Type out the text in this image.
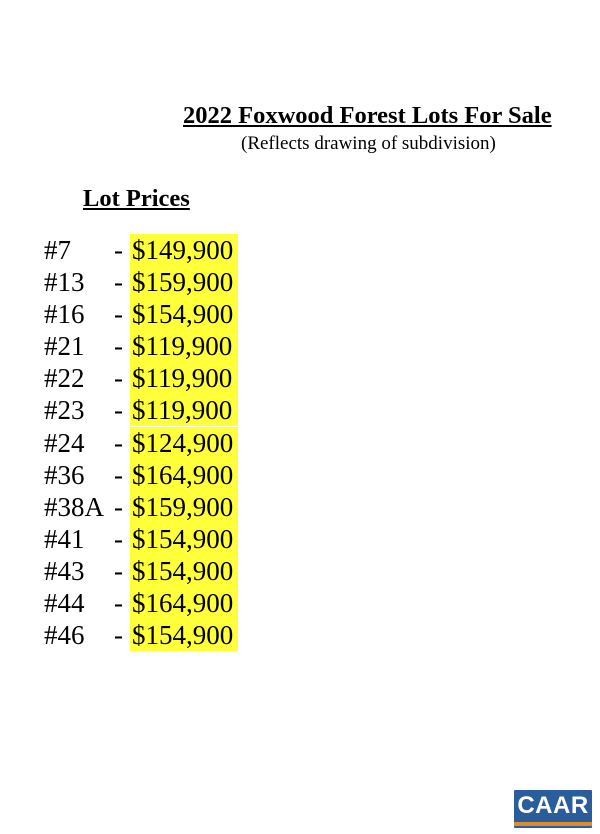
2022 Foxwood Forest Lots For Sale
(Reflects drawing of subdivision)
Lot Prices
#7 - $149,900
#13 - $159,900
#16 - $154,900
#21 - $119,900
#22 - $119,900
#23 - $119,900
#24 - $124,900
#36 - $164,900
#38A - $159,900
#41 - $154,900
#43 - $154,900
#44 - $164,900
#46 - $154,900
CAAR
